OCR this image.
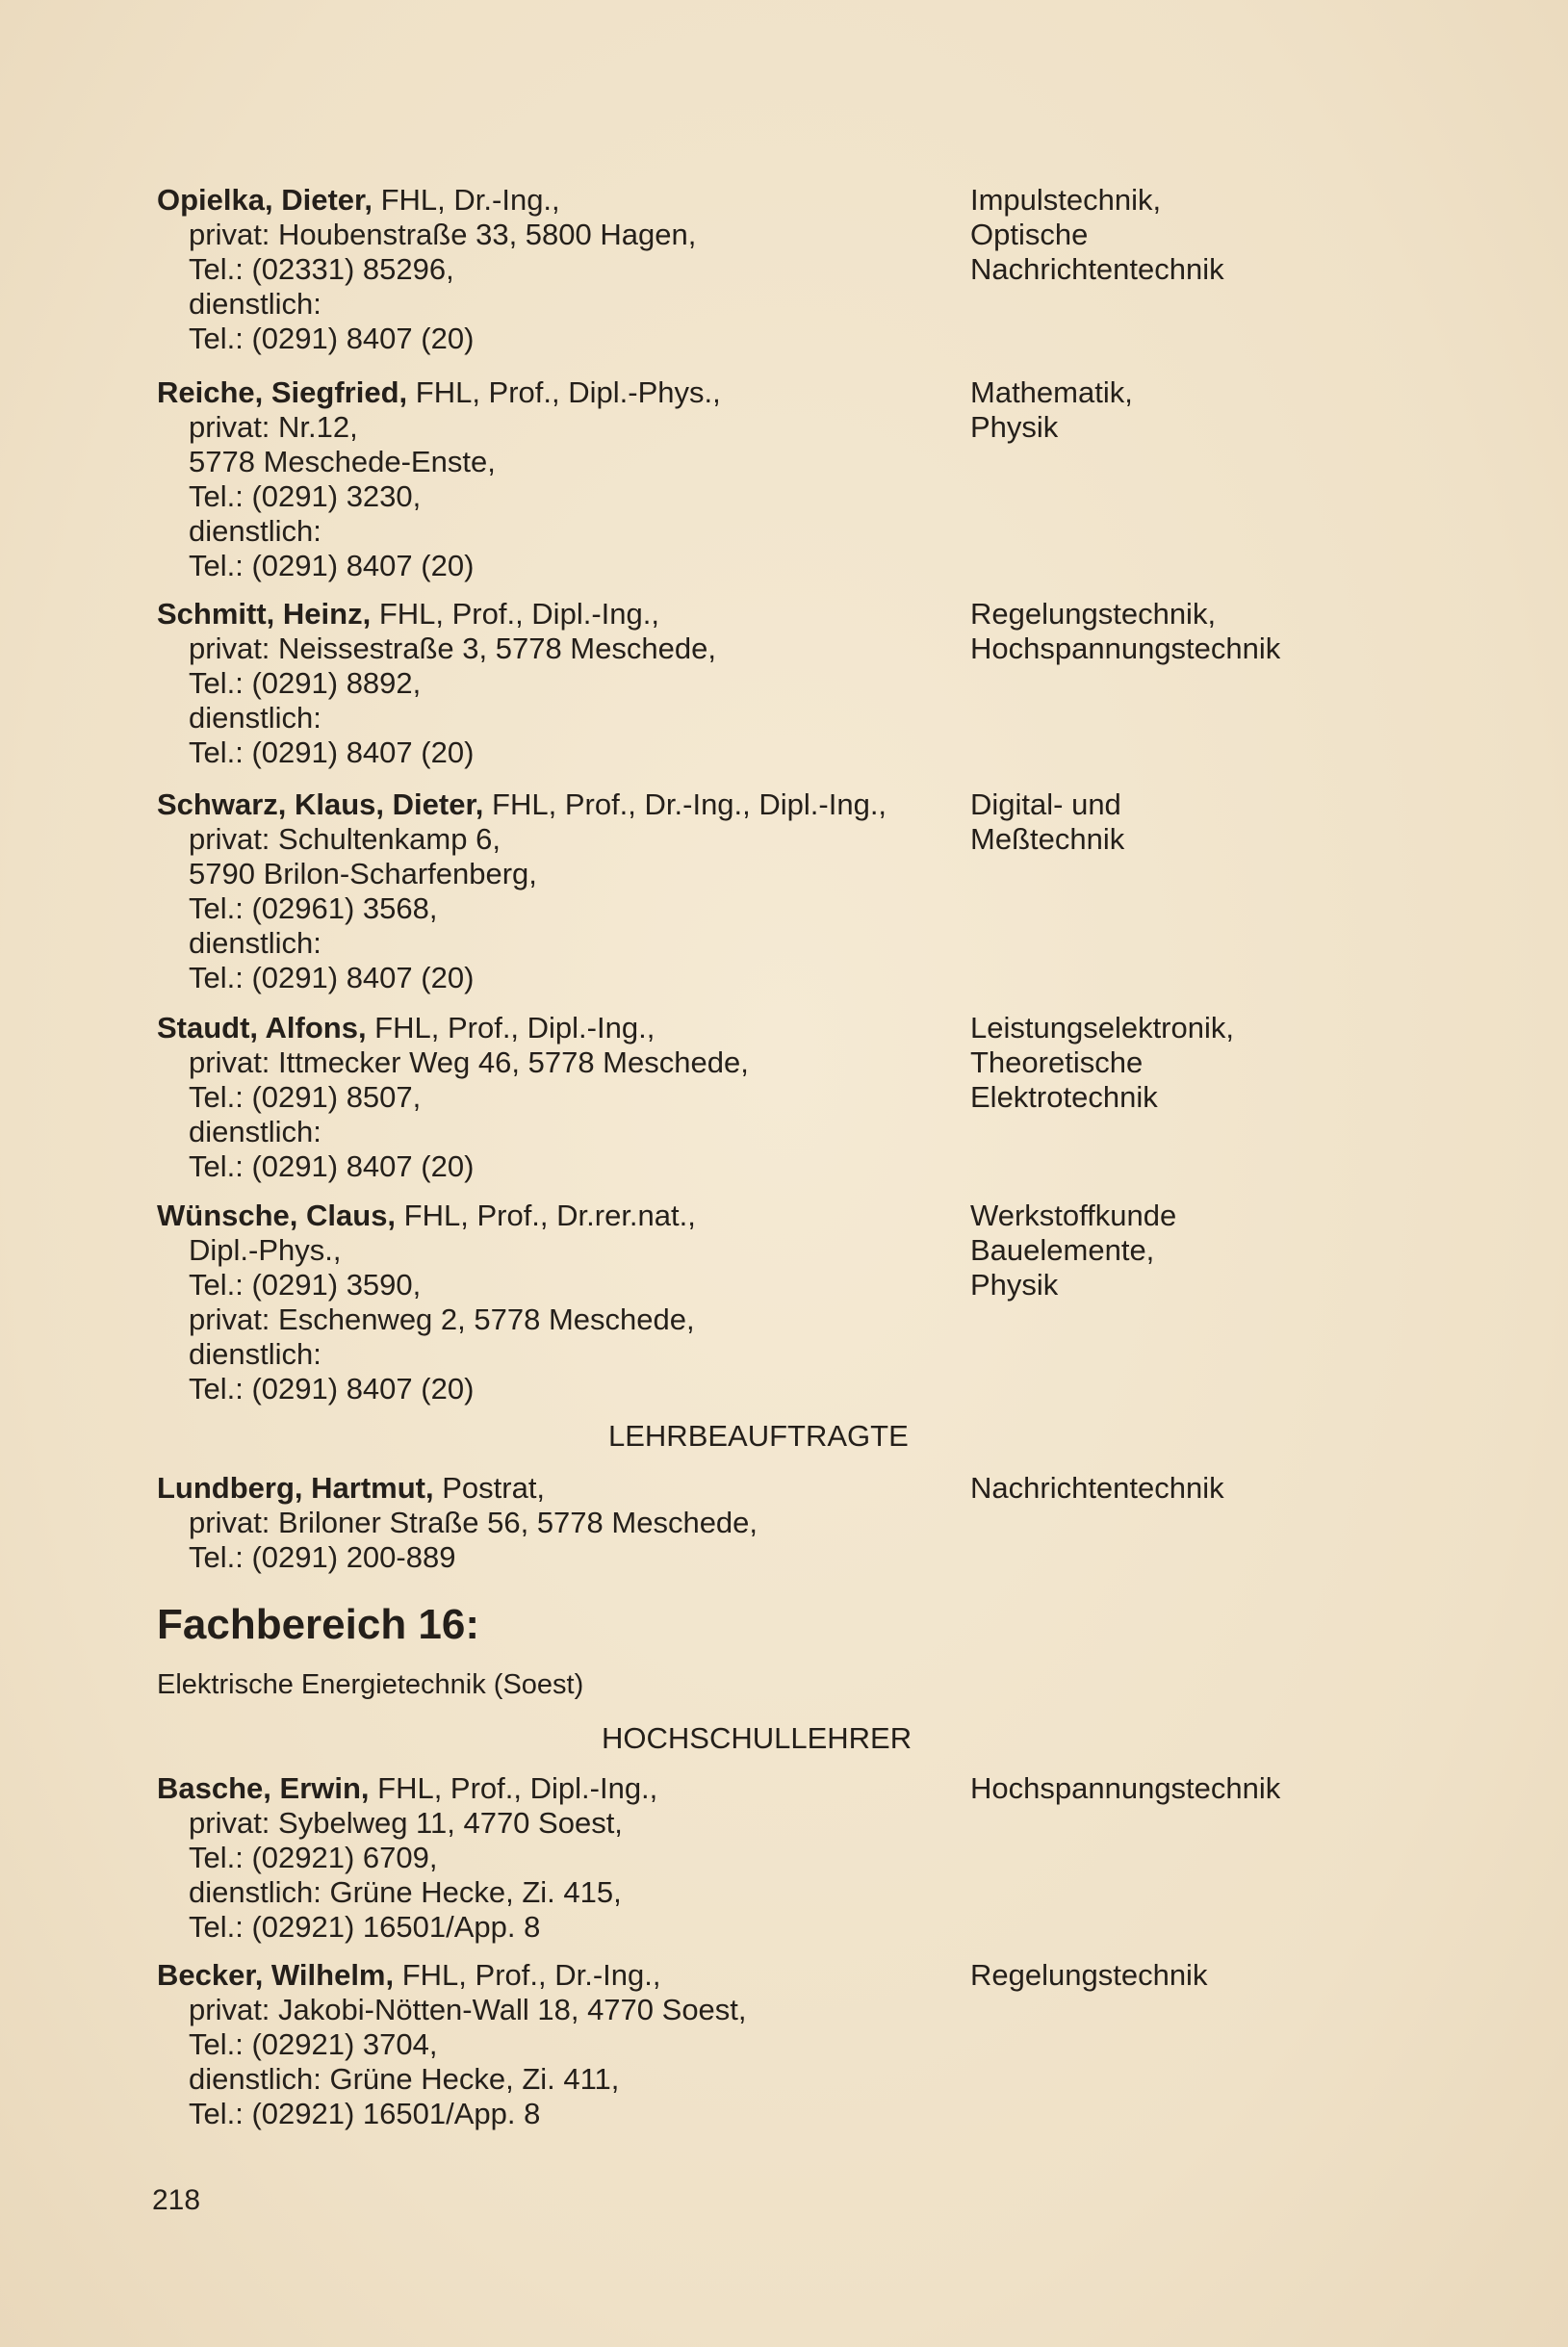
Opielka, Dieter, FHL, Dr.-Ing.,
privat: Houbenstraße 33, 5800 Hagen,
Tel.: (02331) 85296,
dienstlich:
Tel.: (0291) 8407 (20)
Impulstechnik,
Optische
Nachrichtentechnik
Reiche, Siegfried, FHL, Prof., Dipl.-Phys.,
privat: Nr.12,
5778 Meschede-Enste,
Tel.: (0291) 3230,
dienstlich:
Tel.: (0291) 8407 (20)
Mathematik,
Physik
Schmitt, Heinz, FHL, Prof., Dipl.-Ing.,
privat: Neissestraße 3, 5778 Meschede,
Tel.: (0291) 8892,
dienstlich:
Tel.: (0291) 8407 (20)
Regelungstechnik,
Hochspannungstechnik
Schwarz, Klaus, Dieter, FHL, Prof., Dr.-Ing., Dipl.-Ing.,
privat: Schultenkamp 6,
5790 Brilon-Scharfenberg,
Tel.: (02961) 3568,
dienstlich:
Tel.: (0291) 8407 (20)
Digital- und
Meßtechnik
Staudt, Alfons, FHL, Prof., Dipl.-Ing.,
privat: Ittmecker Weg 46, 5778 Meschede,
Tel.: (0291) 8507,
dienstlich:
Tel.: (0291) 8407 (20)
Leistungselektronik,
Theoretische
Elektrotechnik
Wünsche, Claus, FHL, Prof., Dr.rer.nat.,
Dipl.-Phys.,
Tel.: (0291) 3590,
privat: Eschenweg 2, 5778 Meschede,
dienstlich:
Tel.: (0291) 8407 (20)
Werkstoffkunde
Bauelemente,
Physik
LEHRBEAUFTRAGTE
Lundberg, Hartmut, Postrat,
privat: Briloner Straße 56, 5778 Meschede,
Tel.: (0291) 200-889
Nachrichtentechnik
Fachbereich 16:
Elektrische Energietechnik (Soest)
HOCHSCHULLEHRER
Basche, Erwin, FHL, Prof., Dipl.-Ing.,
privat: Sybelweg 11, 4770 Soest,
Tel.: (02921) 6709,
dienstlich: Grüne Hecke, Zi. 415,
Tel.: (02921) 16501/App. 8
Hochspannungstechnik
Becker, Wilhelm, FHL, Prof., Dr.-Ing.,
privat: Jakobi-Nötten-Wall 18, 4770 Soest,
Tel.: (02921) 3704,
dienstlich: Grüne Hecke, Zi. 411,
Tel.: (02921) 16501/App. 8
Regelungstechnik
218
